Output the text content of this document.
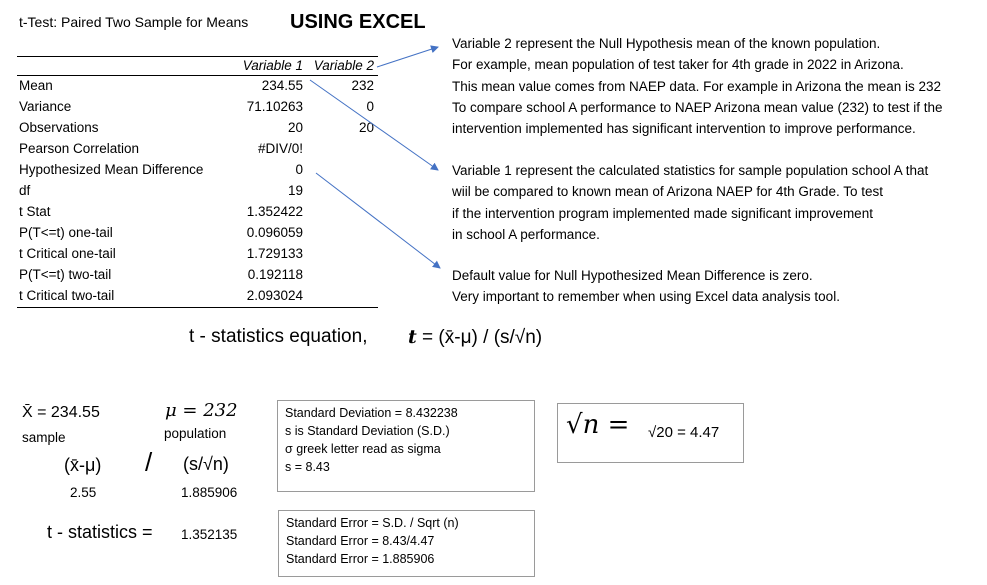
t-Test: Paired Two Sample for Means USING EXCEL
Variable 1 Variable 2
Mean	234.55	232
Variance	71.10263	0
Observations	20	20
Pearson Correlation	#DIV/0!
Hypothesized Mean Difference	0
df	19
t Stat	1.352422
P(T<=t) one-tail	0.096059
t Critical one-tail	1.729133
P(T<=t) two-tail	0.192118
t Critical two-tail	2.093024
Variable 2 represent the Null Hypothesis mean of the known population.
For example, mean population of test taker for 4th grade in 2022 in Arizona.
This mean value comes from NAEP data. For example in Arizona the mean is 232
To compare school A performance to NAEP Arizona mean value (232) to test if the
intervention implemented has significant intervention to improve performance.
Variable 1 represent the calculated statistics for sample population school A that
wiil be compared to known mean of Arizona NAEP for 4th Grade. To test
if the intervention program implemented made significant improvement
in school A performance.
Default value for Null Hypothesized Mean Difference is zero.
Very important to remember when using Excel data analysis tool.
t - statistics equation, t = (x̄-μ) / (s/√n)
X̄ = 234.55
sample
μ = 232
population
(x̄-μ) / (s/√n)
2.55	1.885906
t - statistics = 1.352135
Standard Deviation = 8.432238
s is Standard Deviation (S.D.)
σ greek letter read as sigma
s = 8.43
Standard Error = S.D. / Sqrt (n)
Standard Error = 8.43/4.47
Standard Error = 1.885906
√n = √20 = 4.47
